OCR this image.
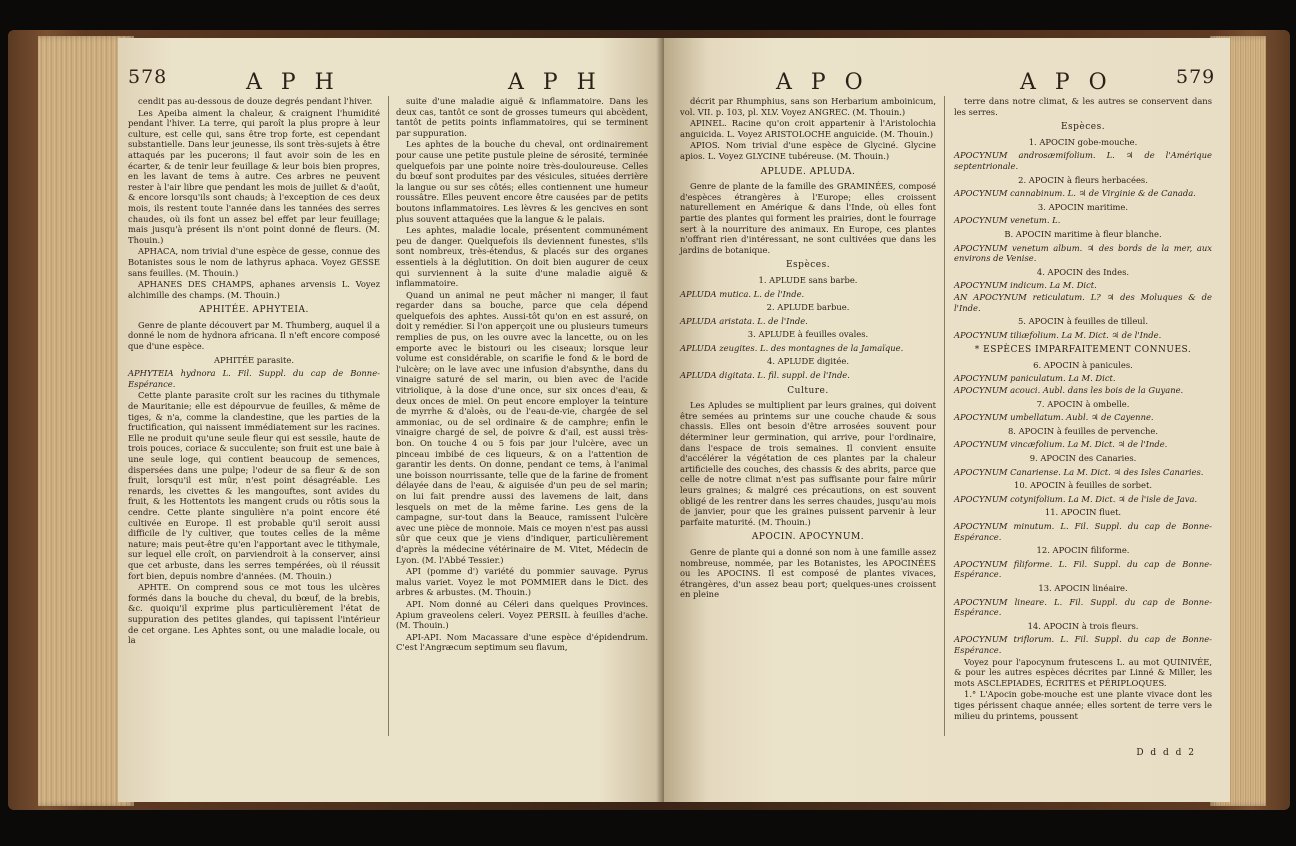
578	A P H	A P H

cendit pas au-dessous de douze degrés pendant l'hiver.

Les Apeiba aiment la chaleur, & craignent l'humidité pendant l'hiver. La terre, qui paroît la plus propre à leur culture, est celle qui, sans être trop forte, est cependant substantielle. Dans leur jeunesse, ils sont très-sujets à être attaqués par les pucerons; il faut avoir soin de les en écarter, & de tenir leur feuillage & leur bois bien propres, en les lavant de tems à autre. Ces arbres ne peuvent rester à l'air libre que pendant les mois de juillet & d'août, & encore lorsqu'ils sont chauds; à l'exception de ces deux mois, ils restent toute l'année dans les tannées des serres chaudes, où ils font un assez bel effet par leur feuillage; mais jusqu'à présent ils n'ont point donné de fleurs. (M. Thouin.)

APHACA, nom trivial d'une espèce de gesse, connue des Botanistes sous le nom de lathyrus aphaca. Voyez GESSE sans feuilles. (M. Thouin.)

APHANES DES CHAMPS, aphanes arvensis L. Voyez alchimille des champs. (M. Thouin.)

APHITÉE. APHYTEIA.

Genre de plante découvert par M. Thumberg, auquel il a donné le nom de hydnora africana. Il n'eft encore composé que d'une espèce.

APHITÉE parasite.

APHYTEIA hydnora L. Fil. Suppl. du cap de Bonne-Espérance.

Cette plante parasite croît sur les racines du tithymale de Mauritanie; elle est dépourvue de feuilles, & même de tiges, & n'a, comme la clandestine, que les parties de la fructification, qui naissent immédiatement sur les racines. Elle ne produit qu'une seule fleur qui est sessile, haute de trois pouces, coriace & succulente; son fruit est une baie à une seule loge, qui contient beaucoup de semences, dispersées dans une pulpe; l'odeur de sa fleur & de son fruit, lorsqu'il est mûr, n'est point désagréable. Les renards, les civettes & les mangouftes, sont avides du fruit, & les Hottentots les mangent cruds ou rôtis sous la cendre. Cette plante singulière n'a point encore été cultivée en Europe. Il est probable qu'il seroit aussi difficile de l'y cultiver, que toutes celles de la même nature; mais peut-être qu'en l'apportant avec le tithymale, sur lequel elle croît, on parviendroit à la conserver, ainsi que cet arbuste, dans les serres tempérées, où il réussit fort bien, depuis nombre d'années. (M. Thouin.)

APHTE. On comprend sous ce mot tous les ulcères formés dans la bouche du cheval, du bœuf, de la brebis, &c. quoiqu'il exprime plus particulièrement l'état de suppuration des petites glandes, qui tapissent l'intérieur de cet organe. Les Aphtes sont, ou une maladie locale, ou la

suite d'une maladie aiguë & inflammatoire. Dans les deux cas, tantôt ce sont de grosses tumeurs qui abcèdent, tantôt de petits points inflammatoires, qui se terminent par suppuration.

Les aphtes de la bouche du cheval, ont ordinairement pour cause une petite pustule pleine de sérosité, terminée quelquefois par une pointe noire très-douloureuse. Celles du bœuf sont produites par des vésicules, situées derrière la langue ou sur ses côtés; elles contiennent une humeur roussâtre. Elles peuvent encore être causées par de petits boutons inflammatoires. Les lèvres & les gencives en sont plus souvent attaquées que la langue & le palais.

Les aphtes, maladie locale, présentent communément peu de danger. Quelquefois ils deviennent funestes, s'ils sont nombreux, très-étendus, & placés sur des organes essentiels à la déglutition. On doit bien augurer de ceux qui surviennent à la suite d'une maladie aiguë & inflammatoire.

Quand un animal ne peut mâcher ni manger, il faut regarder dans sa bouche, parce que cela dépend quelquefois des aphtes. Aussi-tôt qu'on en est assuré, on doit y remédier. Si l'on apperçoit une ou plusieurs tumeurs remplies de pus, on les ouvre avec la lancette, ou on les emporte avec le bistouri ou les ciseaux; lorsque leur volume est considérable, on scarifie le fond & le bord de l'ulcère; on le lave avec une infusion d'absynthe, dans du vinaigre saturé de sel marin, ou bien avec de l'acide vitriolique, à la dose d'une once, sur six onces d'eau, & deux onces de miel. On peut encore employer la teinture de myrrhe & d'aloès, ou de l'eau-de-vie, chargée de sel ammoniac, ou de sel ordinaire & de camphre; enfin le vinaigre chargé de sel, de poivre & d'ail, est aussi très-bon. On touche 4 ou 5 fois par jour l'ulcère, avec un pinceau imbibé de ces liqueurs, & on a l'attention de garantir les dents. On donne, pendant ce tems, à l'animal une boisson nourrissante, telle que de la farine de froment délayée dans de l'eau, & aiguisée d'un peu de sel marin; on lui fait prendre aussi des lavemens de lait, dans lesquels on met de la même farine. Les gens de la campagne, sur-tout dans la Beauce, ramissent l'ulcère avec une pièce de monnoie. Mais ce moyen n'est pas aussi sûr que ceux que je viens d'indiquer, particulièrement d'après la médecine vétérinaire de M. Vitet, Médecin de Lyon. (M. l'Abbé Tessier.)

API (pomme d') variété du pommier sauvage. Pyrus malus variet. Voyez le mot POMMIER dans le Dict. des arbres & arbustes. (M. Thouin.)

API. Nom donné au Céleri dans quelques Provinces. Apium graveolens celeri. Voyez PERSIL à feuilles d'ache. (M. Thouin.)

API-API. Nom Macassare d'une espèce d'épidendrum. C'est l'Angræcum septimum seu flavum,

A P O	A P O	579

décrit par Rhumphius, sans son Herbarium amboinicum, vol. VII. p. 103, pl. XLV. Voyez ANGREC. (M. Thouin.)

APINEL. Racine qu'on croit appartenir à l'Aristolochia anguicida. L. Voyez ARISTOLOCHE anguicide. (M. Thouin.)

APIOS. Nom trivial d'une espèce de Glyciné. Glycine apios. L. Voyez GLYCINE tubéreuse. (M. Thouin.)

APLUDE. APLUDA.

Genre de plante de la famille des GRAMINÉES, composé d'espèces étrangères à l'Europe; elles croissent naturellement en Amérique & dans l'Inde, où elles font partie des plantes qui forment les prairies, dont le fourrage sert à la nourriture des animaux. En Europe, ces plantes n'offrant rien d'intéressant, ne sont cultivées que dans les jardins de botanique.

Espèces.

1. APLUDE sans barbe.

APLUDA mutica. L. de l'Inde.

2. APLUDE barbue.

APLUDA aristata. L. de l'Inde.

3. APLUDE à feuilles ovales.

APLUDA zeugites. L. des montagnes de la Jamaïque.

4. APLUDE digitée.

APLUDA digitata. L. fil. suppl. de l'Inde.

Culture.

Les Apludes se multiplient par leurs graines, qui doivent être semées au printems sur une couche chaude & sous chassis. Elles ont besoin d'être arrosées souvent pour déterminer leur germination, qui arrive, pour l'ordinaire, dans l'espace de trois semaines. Il convient ensuite d'accélérer la végétation de ces plantes par la chaleur artificielle des couches, des chassis & des abrits, parce que celle de notre climat n'est pas suffisante pour faire mûrir leurs graines; & malgré ces précautions, on est souvent obligé de les rentrer dans les serres chaudes, jusqu'au mois de janvier, pour que les graines puissent parvenir à leur parfaite maturité. (M. Thouin.)

APOCIN. APOCYNUM.

Genre de plante qui a donné son nom à une famille assez nombreuse, nommée, par les Botanistes, les APOCINÉES ou les APOCINS. Il est composé de plantes vivaces, étrangères, d'un assez beau port; quelques-unes croissent en pleine

terre dans notre climat, & les autres se conservent dans les serres.

Espèces.

1. APOCIN gobe-mouche.

APOCYNUM androsæmifolium. L. ♃ de l'Amérique septentrionale.

2. APOCIN à fleurs herbacées.

APOCYNUM cannabinum. L. ♃ de Virginie & de Canada.

3. APOCIN maritime.

APOCYNUM venetum. L.

B. APOCIN maritime à fleur blanche.

APOCYNUM venetum album. ♃ des bords de la mer, aux environs de Venise.

4. APOCIN des Indes.

APOCYNUM indicum. La M. Dict.

AN APOCYNUM reticulatum. L? ♃ des Moluques & de l'Inde.

5. APOCIN à feuilles de tilleul.

APOCYNUM tiliæfolium. La M. Dict. ♃ de l'Inde.

* ESPÈCES IMPARFAITEMENT CONNUES.

6. APOCIN à panicules.

APOCYNUM paniculatum. La M. Dict.

APOCYNUM acouci. Aubl. dans les bois de la Guyane.

7. APOCIN à ombelle.

APOCYNUM umbellatum. Aubl. ♃ de Cayenne.

8. APOCIN à feuilles de pervenche.

APOCYNUM vincæfolium. La M. Dict. ♃ de l'Inde.

9. APOCIN des Canaries.

APOCYNUM Canariense. La M. Dict. ♃ des Isles Canaries.

10. APOCIN à feuilles de sorbet.

APOCYNUM cotynifolium. La M. Dict. ♃ de l'isle de Java.

11. APOCIN fluet.

APOCYNUM minutum. L. Fil. Suppl. du cap de Bonne-Espérance.

12. APOCIN filiforme.

APOCYNUM filiforme. L. Fil. Suppl. du cap de Bonne-Espérance.

13. APOCIN linéaire.

APOCYNUM lineare. L. Fil. Suppl. du cap de Bonne-Espérance.

14. APOCIN à trois fleurs.

APOCYNUM triflorum. L. Fil. Suppl. du cap de Bonne-Espérance.

Voyez pour l'apocynum frutescens L. au mot QUINIVÉE, & pour les autres espèces décrites par Linné & Miller, les mots ASCLEPIADES, ÉCRITES et PÉRIPLOQUES.

1.° L'Apocin gobe-mouche est une plante vivace dont les tiges périssent chaque année; elles sortent de terre vers le milieu du printems, poussent

D d d d 2
